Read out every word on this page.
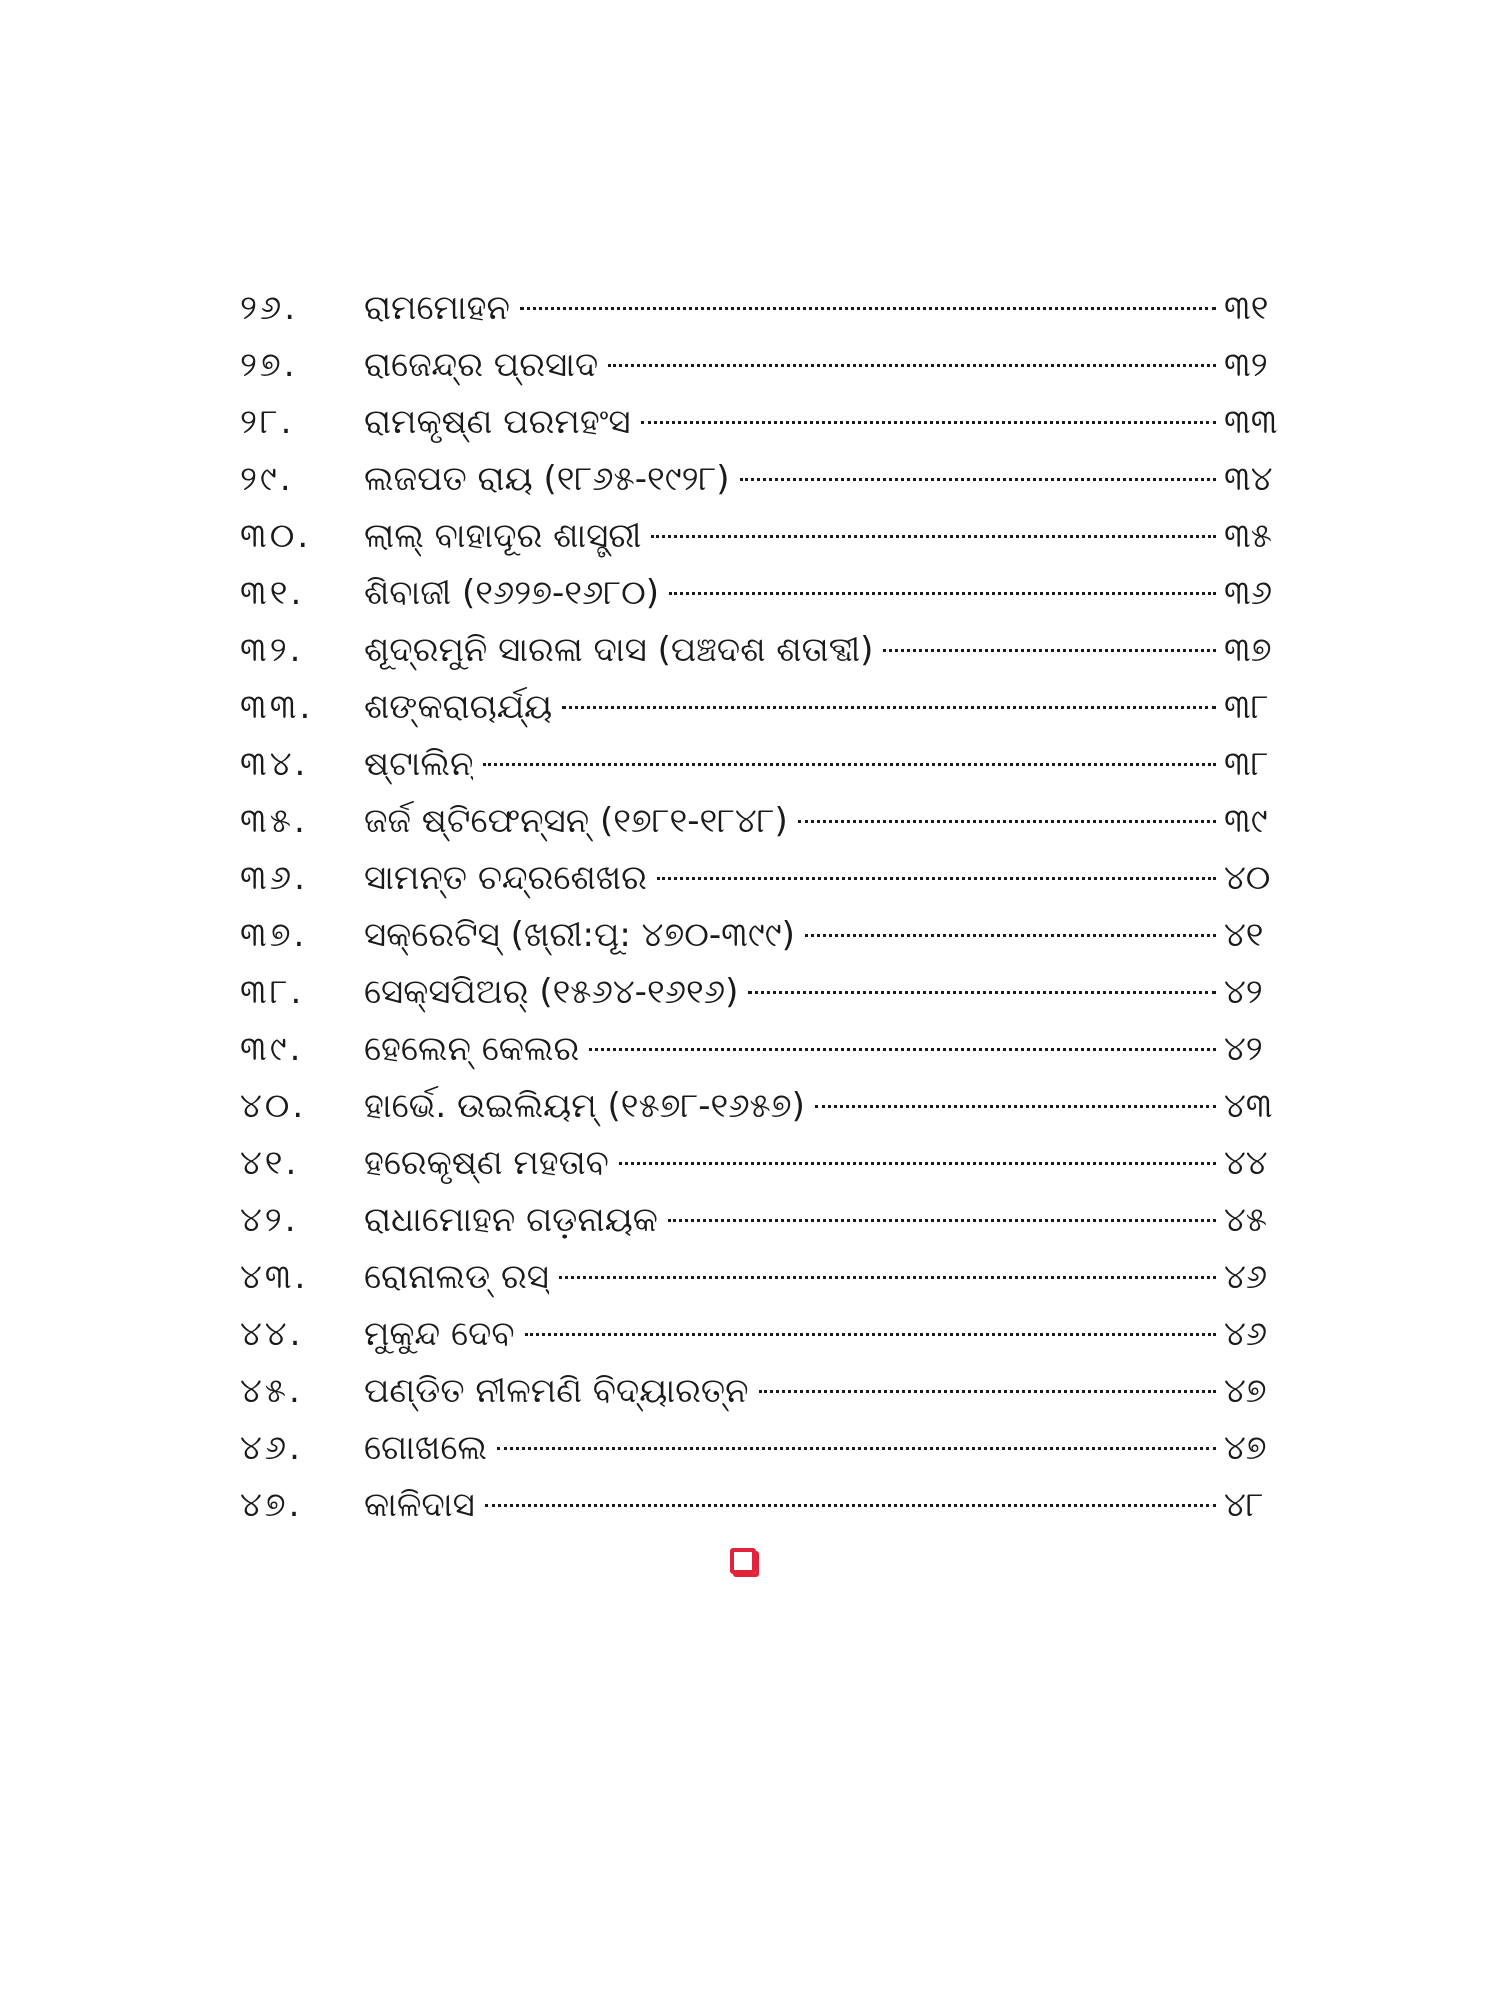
୨୬.	ରାମମୋହନ	୩୧
୨୭.	ରାଜେନ୍ଦ୍ର ପ୍ରସାଦ	୩୨
୨୮.	ରାମକୃଷ୍ଣ ପରମହଂସ	୩୩
୨୯.	ଲଜପତ ରାୟ (୧୮୬୫-୧୯୨୮)	୩୪
୩୦.	ଲାଲ୍ ବାହାଦୂର ଶାସ୍ତ୍ରୀ	୩୫
୩୧.	ଶିବାଜୀ (୧୬୨୭-୧୬୮୦)	୩୬
୩୨.	ଶୂଦ୍ରମୁନି ସାରଳା ଦାସ (ପଞ୍ଚଦଶ ଶତାବ୍ଦୀ)	୩୭
୩୩.	ଶଙ୍କରାଚାର୍ଯ୍ୟ	୩୮
୩୪.	ଷ୍ଟାଲିନ୍	୩୮
୩୫.	ଜର୍ଜ ଷ୍ଟିଫେନ୍‌ସନ୍ (୧୭୮୧-୧୮୪୮)	୩୯
୩୬.	ସାମନ୍ତ ଚନ୍ଦ୍ରଶେଖର	୪୦
୩୭.	ସକ୍ରେଟିସ୍ (ଖ୍ରୀ:ପୂ: ୪୭୦-୩୯୯)	୪୧
୩୮.	ସେକ୍‌ସପିଅର୍ (୧୫୬୪-୧୬୧୬)	୪୨
୩୯.	ହେଲେନ୍ କେଲର	୪୨
୪୦.	ହାର୍ଭେ. ଉଇଲିୟମ୍ (୧୫୭୮-୧୬୫୭)	୪୩
୪୧.	ହରେକୃଷ୍ଣ ମହତାବ	୪୪
୪୨.	ରାଧାମୋହନ ଗଡ଼ନାୟକ	୪୫
୪୩.	ରୋନାଲଡ୍ ରସ୍	୪୬
୪୪.	ମୁକୁନ୍ଦ ଦେବ	୪୬
୪୫.	ପଣ୍ଡିତ ନୀଳମଣି ବିଦ୍ୟାରତ୍ନ	୪୭
୪୬.	ଗୋଖଲେ	୪୭
୪୭.	କାଳିଦାସ	୪୮
